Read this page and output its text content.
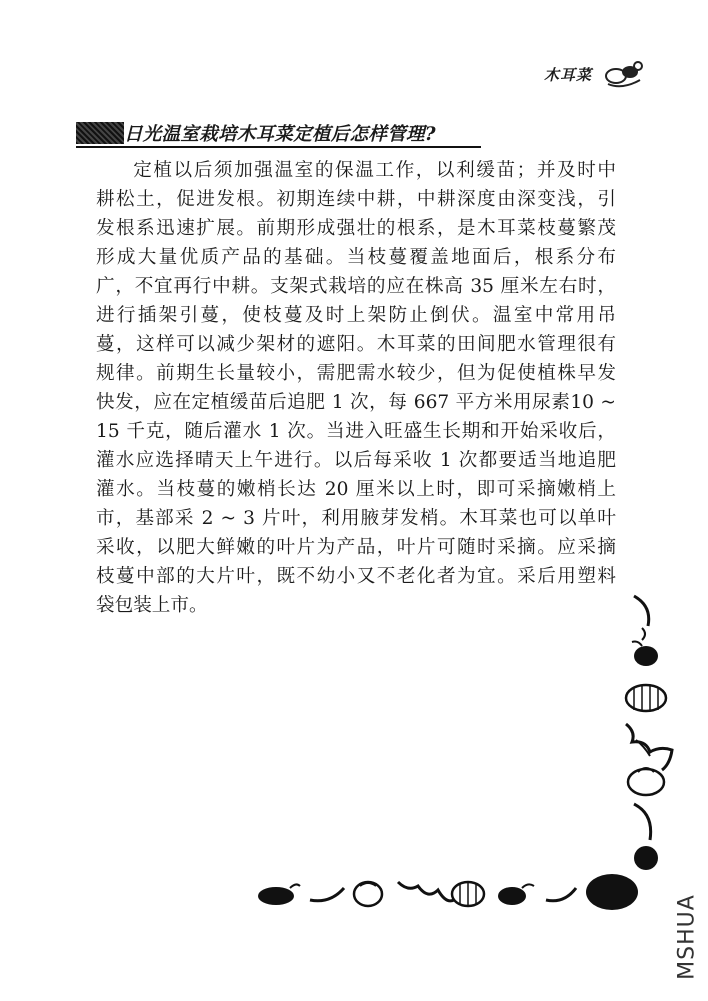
木耳菜
日光温室栽培木耳菜定植后怎样管理?
定植以后须加强温室的保温工作，以利缓苗；并及时中
耕松土，促进发根。初期连续中耕，中耕深度由深变浅，引
发根系迅速扩展。前期形成强壮的根系，是木耳菜枝蔓繁茂
形成大量优质产品的基础。当枝蔓覆盖地面后，根系分布
广，不宜再行中耕。支架式栽培的应在株高 35 厘米左右时，
进行插架引蔓，使枝蔓及时上架防止倒伏。温室中常用吊
蔓，这样可以减少架材的遮阳。木耳菜的田间肥水管理很有
规律。前期生长量较小，需肥需水较少，但为促使植株早发
快发，应在定植缓苗后追肥 1 次，每 667 平方米用尿素10 ~
15 千克，随后灌水 1 次。当进入旺盛生长期和开始采收后，
灌水应选择晴天上午进行。以后每采收 1 次都要适当地追肥
灌水。当枝蔓的嫩梢长达 20 厘米以上时，即可采摘嫩梢上
市，基部采 2 ~ 3 片叶，利用腋芽发梢。木耳菜也可以单叶
采收，以肥大鲜嫩的叶片为产品，叶片可随时采摘。应采摘
枝蔓中部的大片叶，既不幼小又不老化者为宜。采后用塑料
袋包装上市。
MSHUA
